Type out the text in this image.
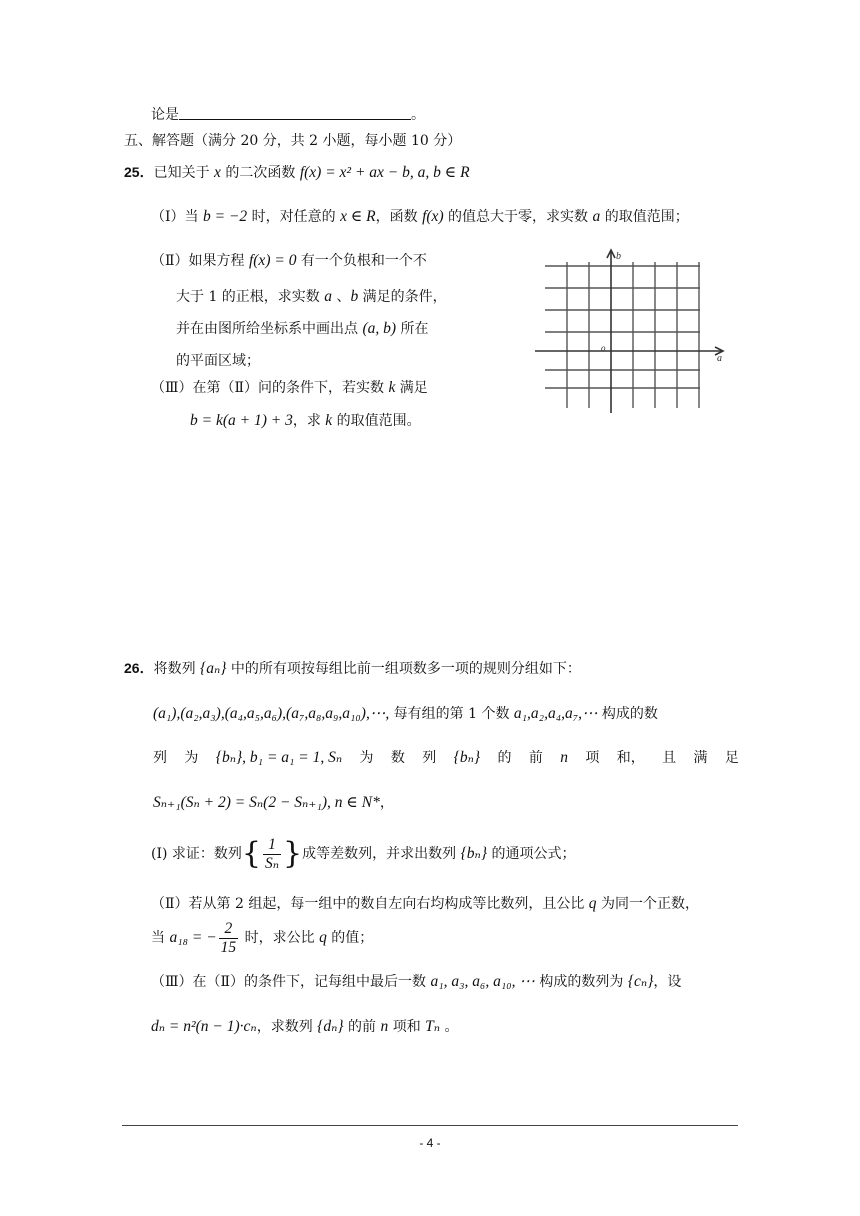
论是	。
五、解答题（满分 20 分，共 2 小题，每小题 10 分）
25．已知关于 x 的二次函数 f(x) = x² + ax − b, a, b ∈ R
（Ⅰ）当 b = −2 时，对任意的 x ∈ R，函数 f(x) 的值总大于零，求实数 a 的取值范围；
（Ⅱ）如果方程 f(x) = 0 有一个负根和一个不
大于 1 的正根，求实数 a 、b 满足的条件，
并在由图所给坐标系中画出点 (a, b) 所在
的平面区域；
（Ⅲ）在第（Ⅱ）问的条件下，若实数 k 满足
b = k(a + 1) + 3，求 k 的取值范围。
b
a
o
26．将数列 {aₙ} 中的所有项按每组比前一组项数多一项的规则分组如下：
(a₁),(a₂,a₃),(a₄,a₅,a₆),(a₇,a₈,a₉,a₁₀),⋯, 每有组的第 1 个数 a₁,a₂,a₄,a₇,⋯ 构成的数
列 为 {bₙ}, b₁ = a₁ = 1, Sₙ 为 数 列 {bₙ} 的 前 n 项 和， 且 满 足
Sₙ₊₁(Sₙ + 2) = Sₙ(2 − Sₙ₊₁), n ∈ N*，
(Ⅰ) 求证：数列{ $\frac{1}{\text{Sₙ}}$ }成等差数列，并求出数列 {bₙ} 的通项公式；
（Ⅱ）若从第 2 组起，每一组中的数自左向右均构成等比数列，且公比 q 为同一个正数，
当 a₁₈ = − $\frac{2}{15}$ 时，求公比 q 的值；
（Ⅲ）在（Ⅱ）的条件下，记每组中最后一数 a₁, a₃, a₆, a₁₀, ⋯ 构成的数列为 {cₙ}，设
dₙ = n²(n − 1)·cₙ，求数列 {dₙ} 的前 n 项和 Tₙ 。
- 4 -
